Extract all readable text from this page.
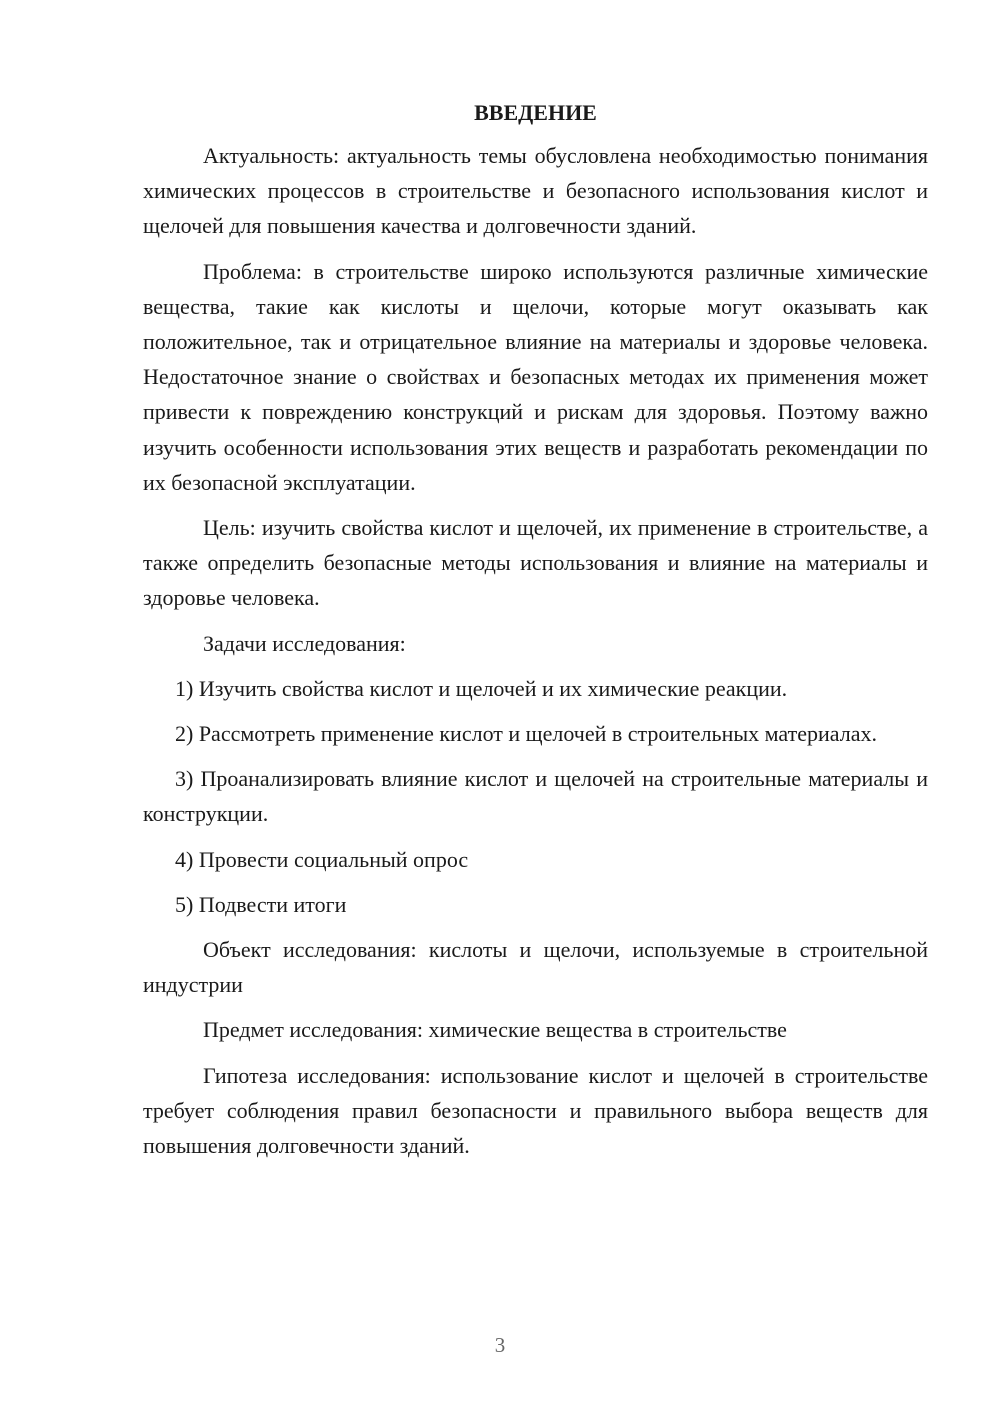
ВВЕДЕНИЕ

Актуальность: актуальность темы обусловлена необходимостью понимания химических процессов в строительстве и безопасного использования кислот и щелочей для повышения качества и долговечности зданий.

Проблема: в строительстве широко используются различные химические вещества, такие как кислоты и щелочи, которые могут оказывать как положительное, так и отрицательное влияние на материалы и здоровье человека. Недостаточное знание о свойствах и безопасных методах их применения может привести к повреждению конструкций и рискам для здоровья. Поэтому важно изучить особенности использования этих веществ и разработать рекомендации по их безопасной эксплуатации.

Цель: изучить свойства кислот и щелочей, их применение в строительстве, а также определить безопасные методы использования и влияние на материалы и здоровье человека.

Задачи исследования:

1) Изучить свойства кислот и щелочей и их химические реакции.

2) Рассмотреть применение кислот и щелочей в строительных материалах.

3) Проанализировать влияние кислот и щелочей на строительные материалы и конструкции.

4) Провести социальный опрос

5) Подвести итоги

Объект исследования: кислоты и щелочи, используемые в строительной индустрии

Предмет исследования: химические вещества в строительстве

Гипотеза исследования: использование кислот и щелочей в строительстве требует соблюдения правил безопасности и правильного выбора веществ для повышения долговечности зданий.

3
